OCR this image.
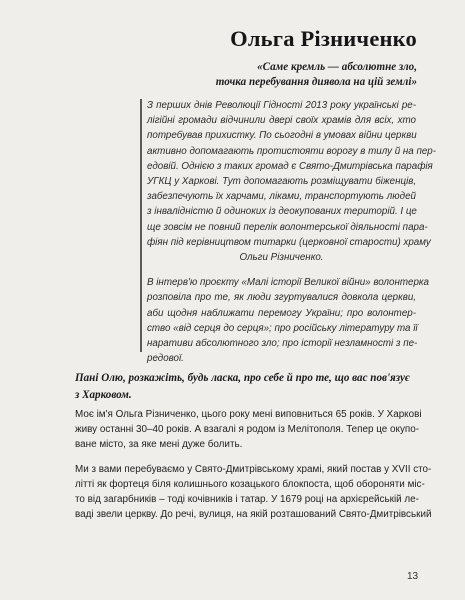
Ольга Різниченко

«Саме кремль — абсолютне зло,
точка перебування диявола на цій землі»

З перших днів Революції Гідності 2013 року українські ре-
лігійні громади відчинили двері своїх храмів для всіх, хто
потребував прихистку. По сьогодні в умовах війни церкви
активно допомагають протистояти ворогу в тилу й на пер-
едовій. Однією з таких громад є Свято-Дмитрівська парафія
УГКЦ у Харкові. Тут допомагають розміщувати біженців,
забезпечують їх харчами, ліками, транспортують людей
з інвалідністю й одиноких із деокупованих територій. І це
ще зовсім не повний перелік волонтерської діяльності пара-
фіян під керівництвом титарки (церковної старости) храму
Ольги Різниченко.

В інтерв'ю проєкту «Малі історії Великої війни» волонтерка
розповіла про те, як люди згуртувалися довкола церкви,
аби щодня наближати перемогу України; про волонтер-
ство «від серця до серця»; про російську літературу та її
наративи абсолютного зло; про історії незламності з пе-
редової.

Пані Олю, розкажіть, будь ласка, про себе й про те, що вас пов'язує
з Харковом.

Моє ім'я Ольга Різниченко, цього року мені виповниться 65 років. У Харкові
живу останні 30–40 років. А взагалі я родом із Мелітополя. Тепер це окупо-
ване місто, за яке мені дуже болить.

Ми з вами перебуваємо у Свято-Дмитрівському храмі, який постав у XVII сто-
літті як фортеця біля колишнього козацького блокпоста, щоб обороняти міс-
то від загарбників – тоді кочівників і татар. У 1679 році на архієрейській ле-
ваді звели церкву. До речі, вулиця, на якій розташований Свято-Дмитрівський

13
